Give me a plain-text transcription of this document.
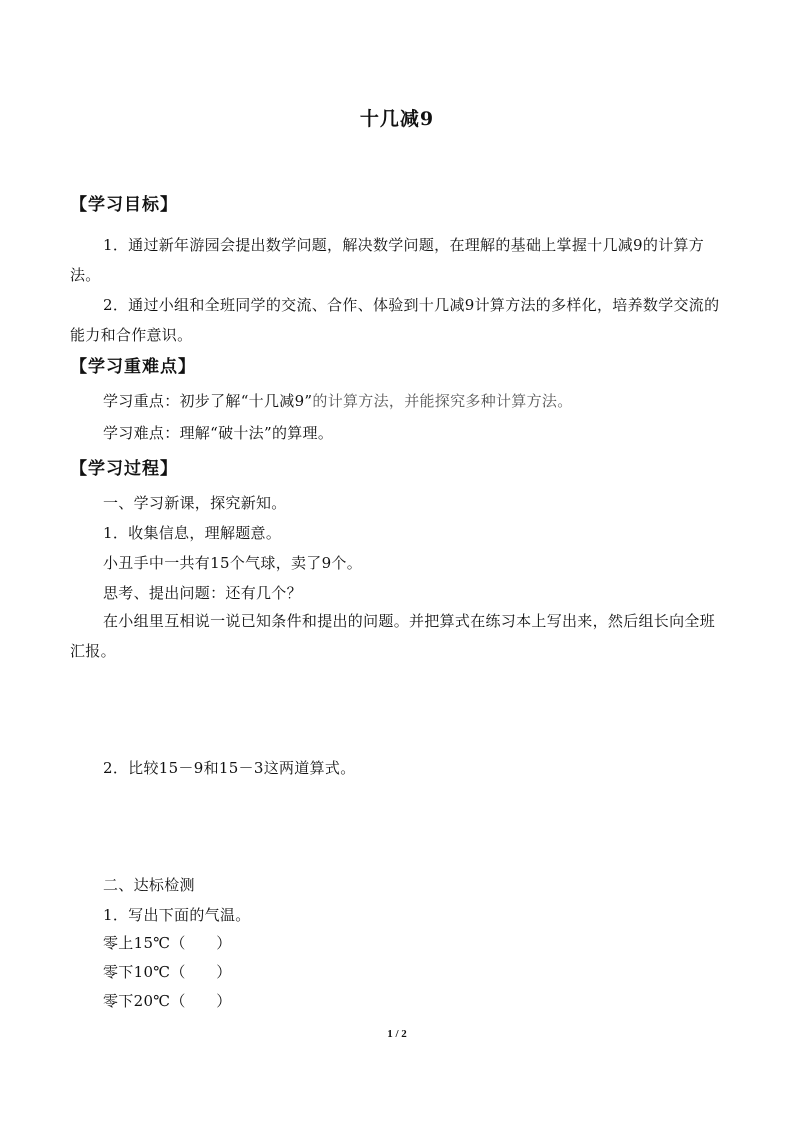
十几减9
【学习目标】
1．通过新年游园会提出数学问题，解决数学问题，在理解的基础上掌握十几减9的计算方法。
2．通过小组和全班同学的交流、合作、体验到十几减9计算方法的多样化，培养数学交流的能力和合作意识。
【学习重难点】
学习重点：初步了解“十几减9”的计算方法，并能探究多种计算方法。
学习难点：理解“破十法”的算理。
【学习过程】
一、学习新课，探究新知。
1．收集信息，理解题意。
小丑手中一共有15个气球，卖了9个。
思考、提出问题：还有几个？
在小组里互相说一说已知条件和提出的问题。并把算式在练习本上写出来，然后组长向全班汇报。
2．比较15－9和15－3这两道算式。
二、达标检测
1．写出下面的气温。
零上15℃（　　）
零下10℃（　　）
零下20℃（　　）
1 / 2
